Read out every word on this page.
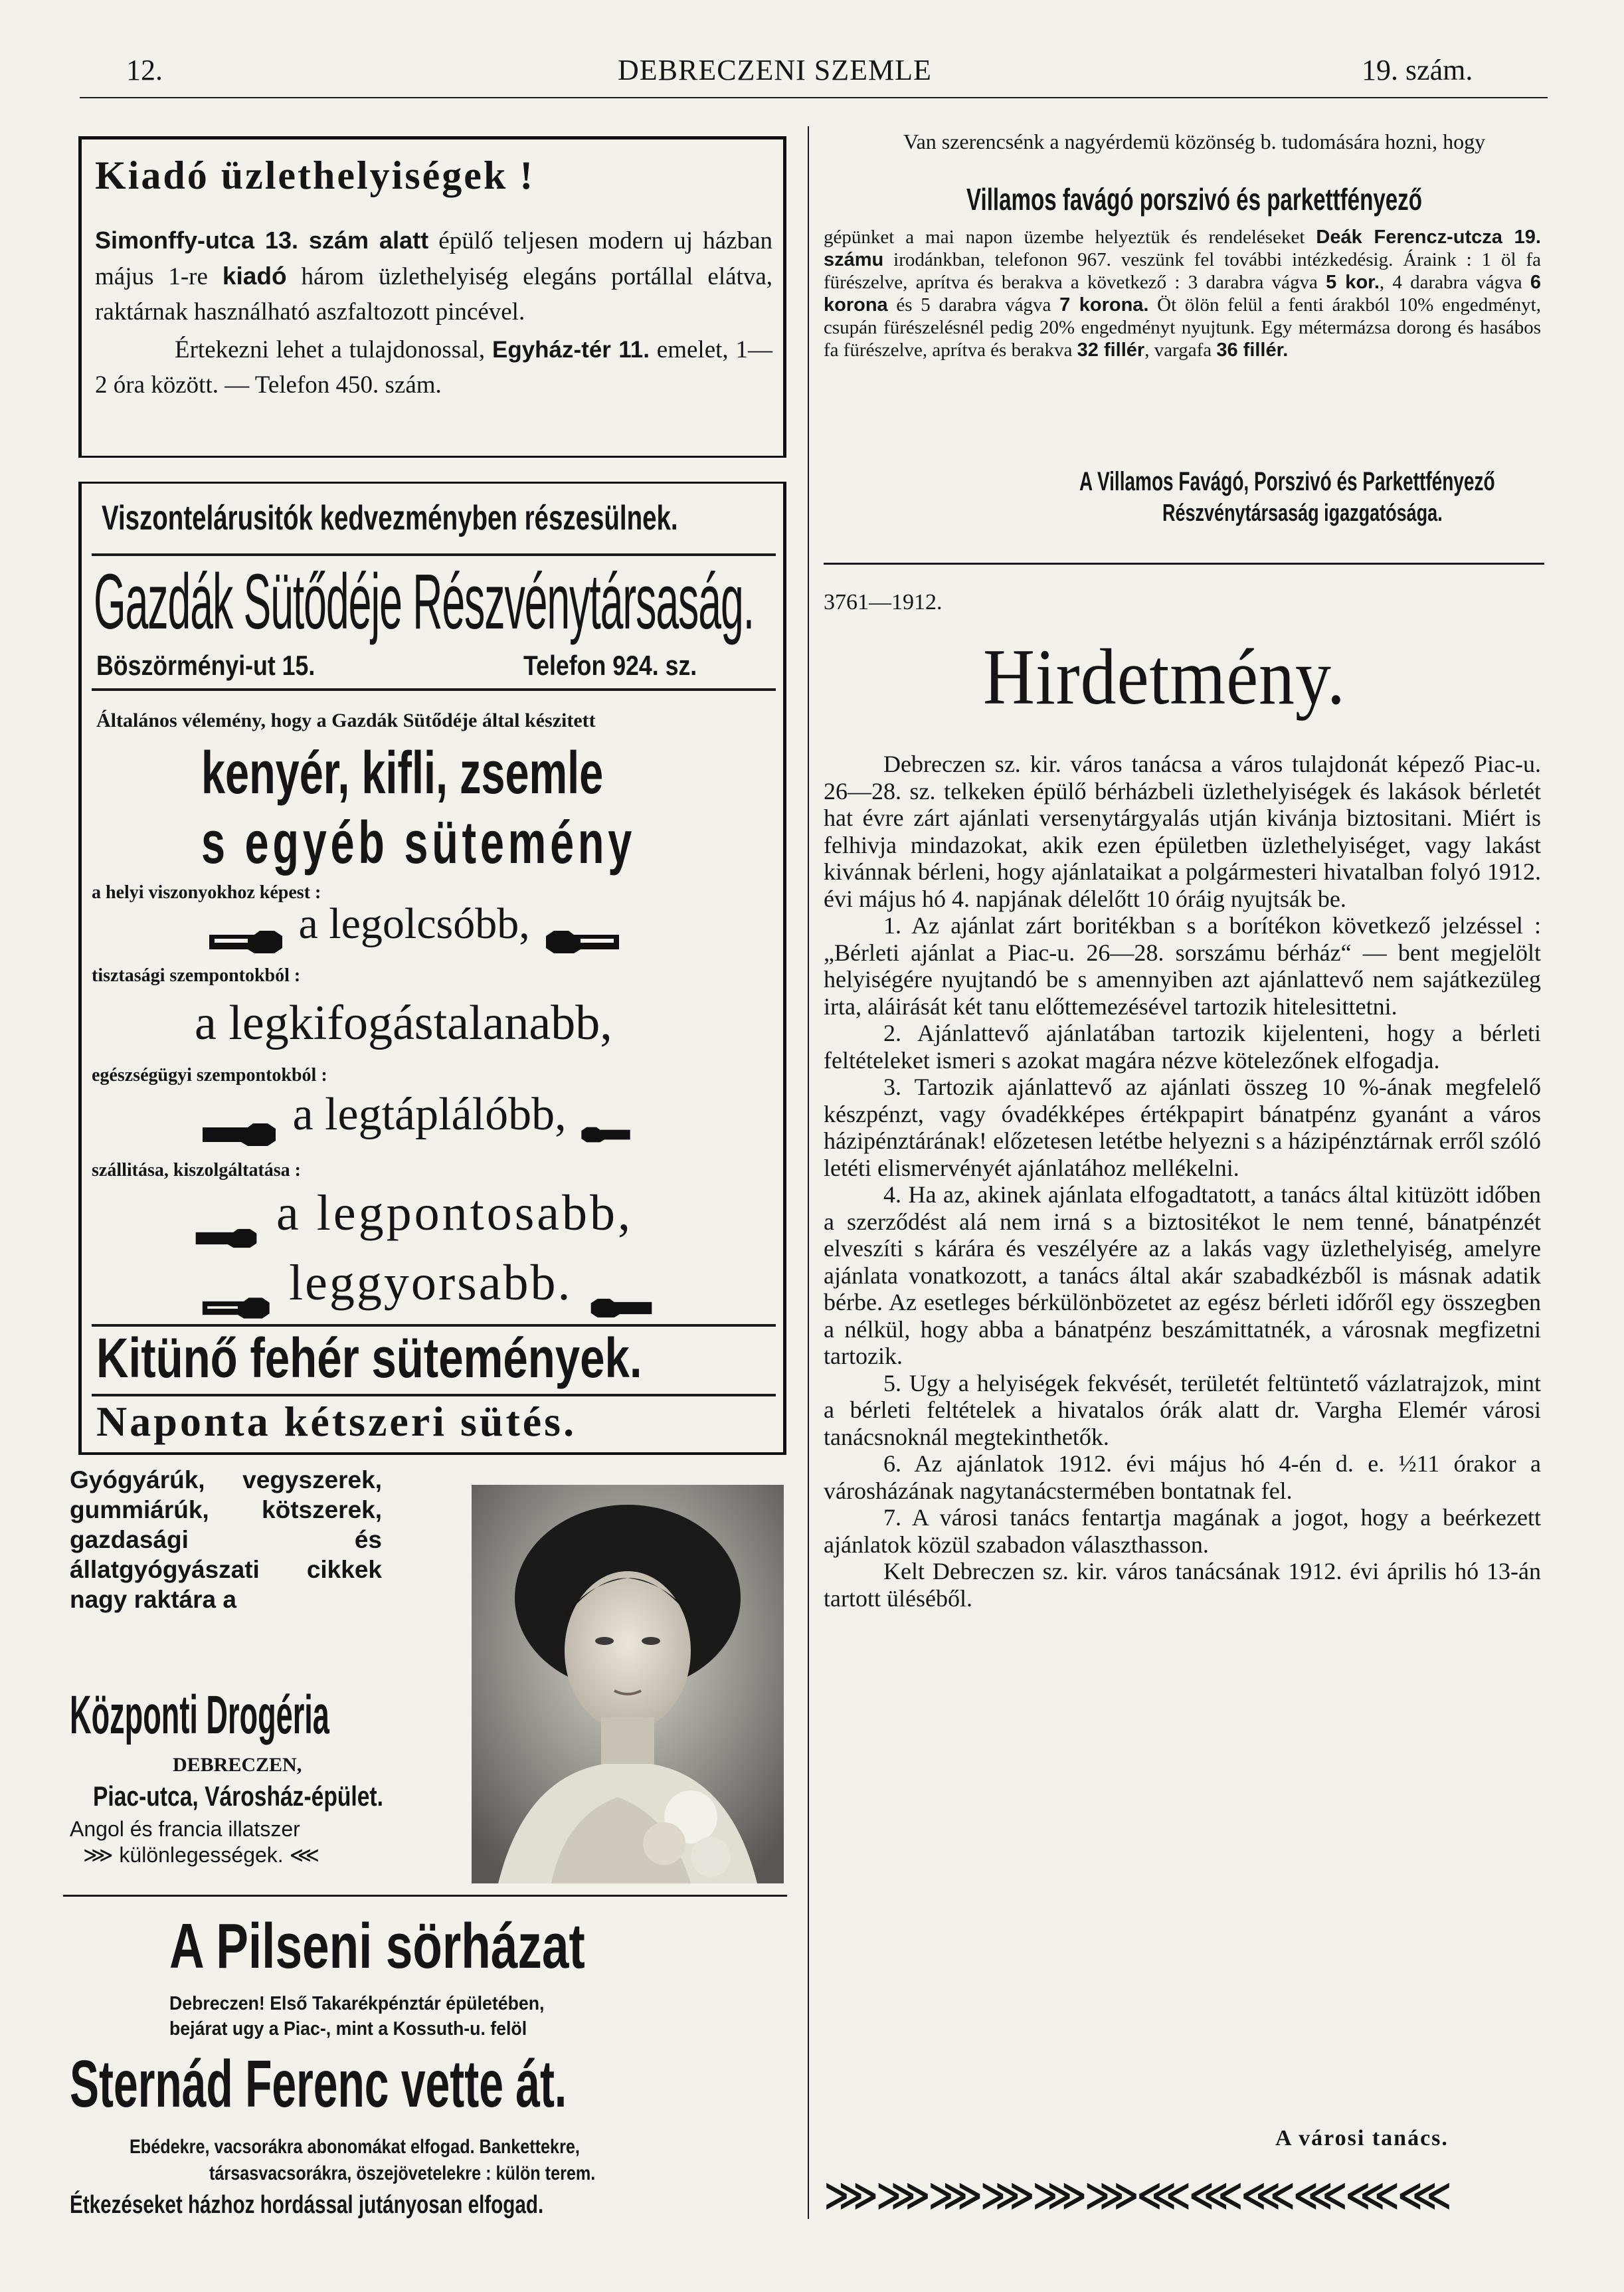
12.	DEBRECZENI SZEMLE	19. szám.
Kiadó üzlethelyiségek !

Simonffy-utca 13. szám alatt épülő teljesen modern uj házban május 1-re kiadó három üzlethelyiség elegáns portállal elátva, raktárnak használható aszfaltozott pincével.

Értekezni lehet a tulajdonossal, Egyház-tér 11. emelet, 1—2 óra között. — Telefon 450. szám.

Viszontelárusitók kedvezményben részesülnek.
Gazdák Sütődéje Részvénytársaság.
Böszörményi-ut 15.	Telefon 924. sz.
Általános vélemény, hogy a Gazdák Sütődéje által készitett
kenyér, kifli, zsemle
s egyéb sütemény
a helyi viszonyokhoz képest :
a legolcsóbb,
tisztasági szempontokból :
a legkifogástalanabb,
egészségügyi szempontokból :
a legtáplálóbb,
szállitása, kiszolgáltatása :
a legpontosabb,
leggyorsabb.
Kitünő fehér sütemények.
Naponta kétszeri sütés.
Gyógyárúk, vegyszerek, gummiárúk, kötszerek, gazdasági és állatgyógyászati cikkek nagy raktára a
Központi Drogéria
DEBRECZEN,
Piac-utca, Városház-épület.
Angol és francia illatszer
⋙ különlegességek. ⋘
A Pilseni sörházat
Debreczen! Első Takarékpénztár épületében,
bejárat ugy a Piac-, mint a Kossuth-u. felöl
Sternád Ferenc vette át.
Ebédekre, vacsorákra abonomákat elfogad. Bankettekre,
társasvacsorákra, öszejövetelekre : külön terem.
Étkezéseket házhoz hordással jutányosan elfogad.
Van szerencsénk a nagyérdemü közönség b. tudomására hozni, hogy
Villamos favágó porszivó és parkettfényező
gépünket a mai napon üzembe helyeztük és rendeléseket Deák Ferencz-utcza 19. számu irodánkban, telefonon 967. veszünk fel további intézkedésig. Áraink : 1 öl fa fürészelve, aprítva és berakva a következő : 3 darabra vágva 5 kor., 4 darabra vágva 6 korona és 5 darabra vágva 7 korona. Öt ölön felül a fenti árakból 10% engedményt, csupán fürészelésnél pedig 20% engedményt nyujtunk. Egy métermázsa dorong és hasábos fa fürészelve, aprítva és berakva 32 fillér, vargafa 36 fillér.
A Villamos Favágó, Porszivó és Parkettfényező
Részvénytársaság igazgatósága.
3761—1912.
Hirdetmény.

Debreczen sz. kir. város tanácsa a város tulajdonát képező Piac-u. 26—28. sz. telkeken épülő bérházbeli üzlethelyiségek és lakások bérletét hat évre zárt ajánlati versenytárgyalás utján kivánja biztositani. Miért is felhivja mindazokat, akik ezen épületben üzlethelyiséget, vagy lakást kivánnak bérleni, hogy ajánlataikat a polgármesteri hivatalban folyó 1912. évi május hó 4. napjának délelőtt 10 óráig nyujtsák be.

1. Az ajánlat zárt boritékban s a borítékon következő jelzéssel : „Bérleti ajánlat a Piac-u. 26—28. sorszámu bérház“ — bent megjelölt helyiségére nyujtandó be s amennyiben azt ajánlattevő nem sajátkezüleg irta, aláirását két tanu előttemezésével tartozik hitelesittetni.

2. Ajánlattevő ajánlatában tartozik kijelenteni, hogy a bérleti feltételeket ismeri s azokat magára nézve kötelezőnek elfogadja.

3. Tartozik ajánlattevő az ajánlati összeg 10 %-ának megfelelő készpénzt, vagy óvadékképes értékpapirt bánatpénz gyanánt a város házipénztárának! előzetesen letétbe helyezni s a házipénztárnak erről szóló letéti elismervényét ajánlatához mellékelni.

4. Ha az, akinek ajánlata elfogadtatott, a tanács által kitüzött időben a szerződést alá nem irná s a biztositékot le nem tenné, bánatpénzét elveszíti s kárára és veszélyére az a lakás vagy üzlethelyiség, amelyre ajánlata vonatkozott, a tanács által akár szabadkézből is másnak adatik bérbe. Az esetleges bérkülönbözetet az egész bérleti időről egy összegben a nélkül, hogy abba a bánatpénz beszámittatnék, a városnak megfizetni tartozik.

5. Ugy a helyiségek fekvését, területét feltüntető vázlatrajzok, mint a bérleti feltételek a hivatalos órák alatt dr. Vargha Elemér városi tanácsnoknál megtekinthetők.

6. Az ajánlatok 1912. évi május hó 4-én d. e. ½11 órakor a városházának nagytanácstermében bontatnak fel.

7. A városi tanács fentartja magának a jogot, hogy a beérkezett ajánlatok közül szabadon választhasson.

Kelt Debreczen sz. kir. város tanácsának 1912. évi április hó 13-án tartott üléséből.

A városi tanács.
⋙⋙⋙⋙⋙⋙⋘⋘⋘⋘⋘⋘
